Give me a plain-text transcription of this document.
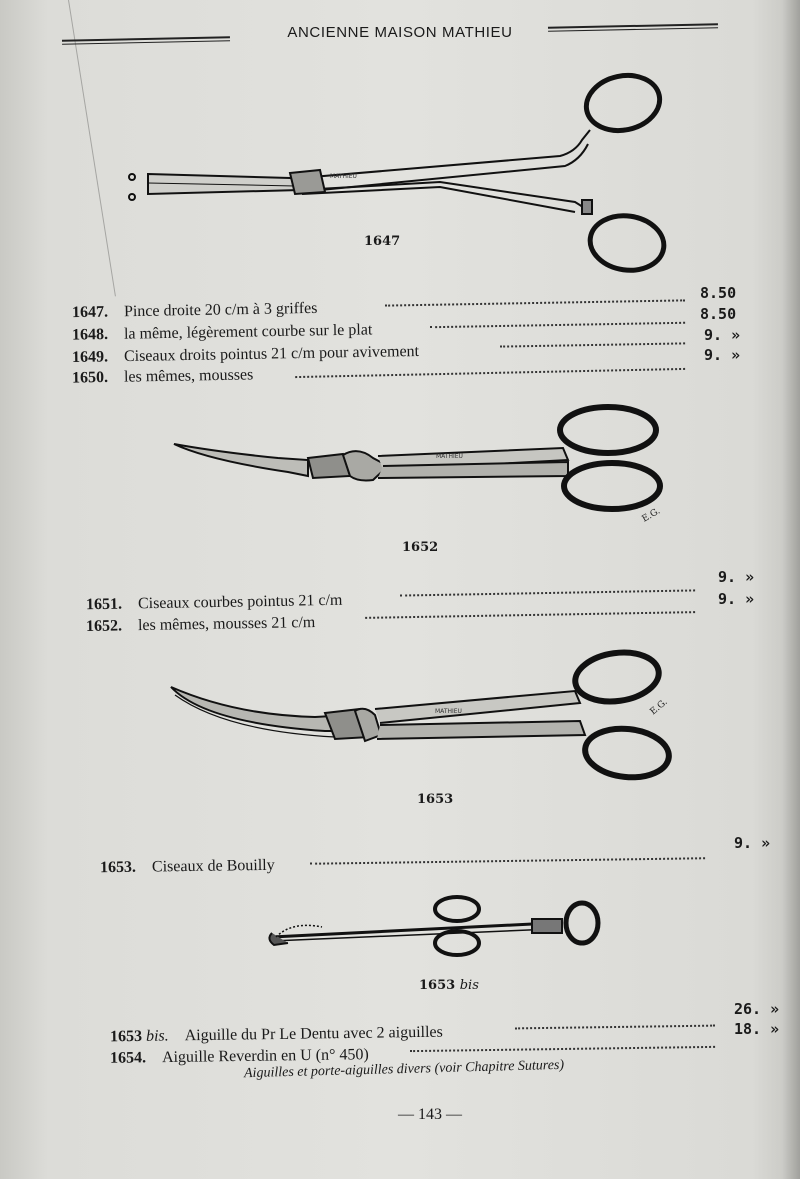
ANCIENNE MAISON MATHIEU
MATHIEU
1647
1647. Pince droite 20 c/m à 3 griffes
8.50
1648. la même, légèrement courbe sur le plat
8.50
1649. Ciseaux droits pointus 21 c/m pour avivement
9. »
1650. les mêmes, mousses
9. »
MATHIEU
E.G.
1652
1651. Ciseaux courbes pointus 21 c/m
9. »
1652. les mêmes, mousses 21 c/m
9. »
MATHIEU	E.G.
1653
1653. Ciseaux de Bouilly
9. »
1653 bis
1653 bis. Aiguille du Pr Le Dentu avec 2 aiguilles
26. »
1654. Aiguille Reverdin en U (n° 450)
18. »
Aiguilles et porte-aiguilles divers (voir Chapitre Sutures)
— 143 —
